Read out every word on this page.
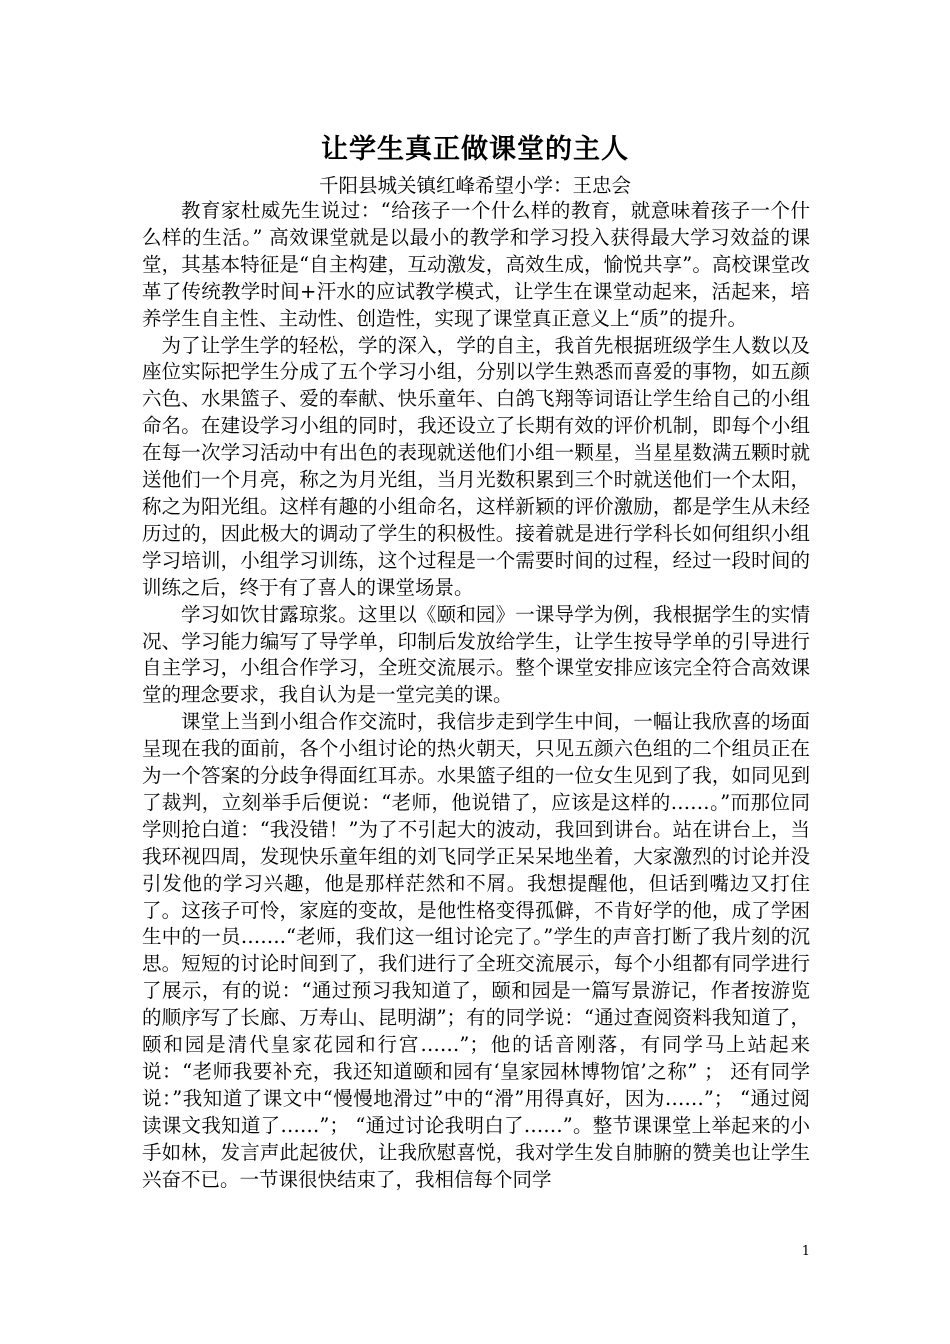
让学生真正做课堂的主人
千阳县城关镇红峰希望小学：王忠会

教育家杜威先生说过：“给孩子一个什么样的教育，就意味着孩子一个什么样的生活。” 高效课堂就是以最小的教学和学习投入获得最大学习效益的课堂，其基本特征是“自主构建，互动激发，高效生成，愉悦共享”。高校课堂改革了传统教学时间+汗水的应试教学模式，让学生在课堂动起来，活起来，培养学生自主性、主动性、创造性，实现了课堂真正意义上“质”的提升。

为了让学生学的轻松，学的深入，学的自主，我首先根据班级学生人数以及座位实际把学生分成了五个学习小组，分别以学生熟悉而喜爱的事物，如五颜六色、水果篮子、爱的奉献、快乐童年、白鸽飞翔等词语让学生给自己的小组命名。在建设学习小组的同时，我还设立了长期有效的评价机制，即每个小组在每一次学习活动中有出色的表现就送他们小组一颗星，当星星数满五颗时就送他们一个月亮，称之为月光组，当月光数积累到三个时就送他们一个太阳，称之为阳光组。这样有趣的小组命名，这样新颖的评价激励，都是学生从未经历过的，因此极大的调动了学生的积极性。接着就是进行学科长如何组织小组学习培训，小组学习训练，这个过程是一个需要时间的过程，经过一段时间的训练之后，终于有了喜人的课堂场景。

学习如饮甘露琼浆。这里以《颐和园》一课导学为例，我根据学生的实情况、学习能力编写了导学单，印制后发放给学生，让学生按导学单的引导进行自主学习，小组合作学习，全班交流展示。整个课堂安排应该完全符合高效课堂的理念要求，我自认为是一堂完美的课。

课堂上当到小组合作交流时，我信步走到学生中间，一幅让我欣喜的场面呈现在我的面前，各个小组讨论的热火朝天，只见五颜六色组的二个组员正在为一个答案的分歧争得面红耳赤。水果篮子组的一位女生见到了我，如同见到了裁判，立刻举手后便说：“老师，他说错了，应该是这样的……。”而那位同学则抢白道：“我没错！”为了不引起大的波动，我回到讲台。站在讲台上，当我环视四周，发现快乐童年组的刘飞同学正呆呆地坐着，大家激烈的讨论并没引发他的学习兴趣，他是那样茫然和不屑。我想提醒他，但话到嘴边又打住了。这孩子可怜，家庭的变故，是他性格变得孤僻，不肯好学的他，成了学困生中的一员…….“老师，我们这一组讨论完了。”学生的声音打断了我片刻的沉思。短短的讨论时间到了，我们进行了全班交流展示，每个小组都有同学进行了展示，有的说：“通过预习我知道了，颐和园是一篇写景游记，作者按游览的顺序写了长廊、万寿山、昆明湖”；有的同学说：“通过查阅资料我知道了，颐和园是清代皇家花园和行宫……”；他的话音刚落，有同学马上站起来说：“老师我要补充，我还知道颐和园有‘皇家园林博物馆’之称” ； 还有同学说：”我知道了课文中“慢慢地滑过”中的“滑”用得真好，因为……”； “通过阅读课文我知道了……”； “通过讨论我明白了……”。整节课课堂上举起来的小手如林，发言声此起彼伏，让我欣慰喜悦，我对学生发自肺腑的赞美也让学生兴奋不已。一节课很快结束了，我相信每个同学

1
